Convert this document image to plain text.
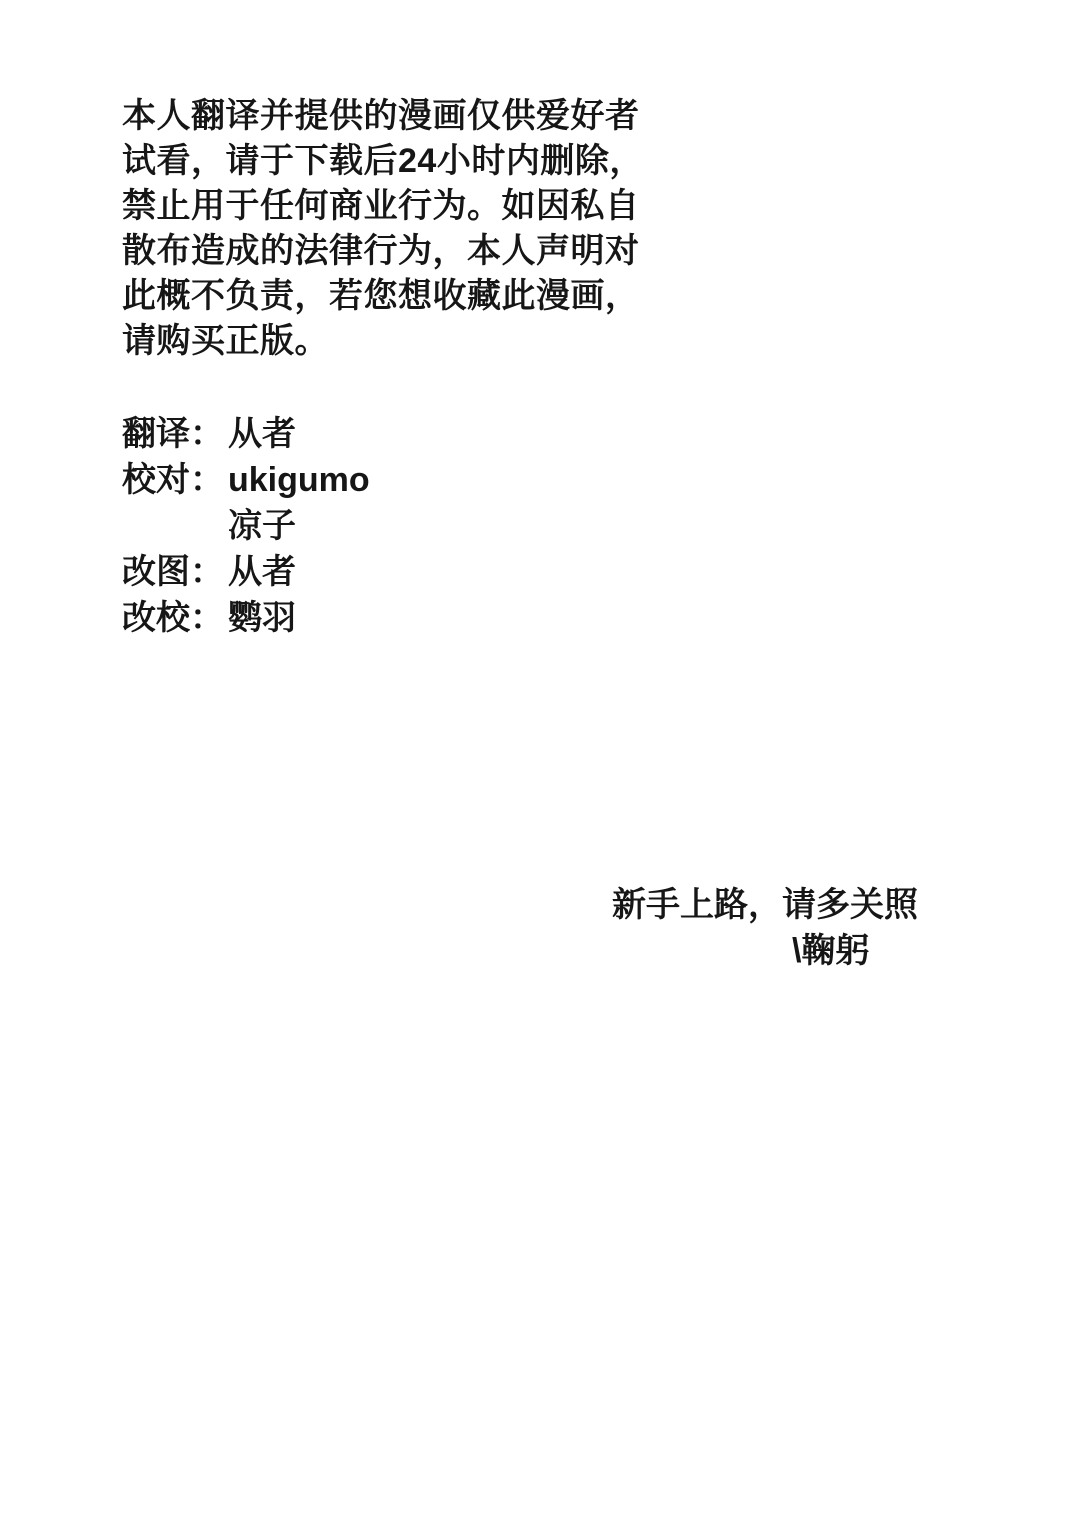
本人翻译并提供的漫画仅供爱好者
试看，请于下载后24小时内删除，
禁止用于任何商业行为。如因私自
散布造成的法律行为，本人声明对
此概不负责，若您想收藏此漫画，
请购买正版。
翻译： 从者
校对： ukigumo
凉子
改图： 从者
改校： 鹦羽
新手上路，请多关照
\鞠躬
